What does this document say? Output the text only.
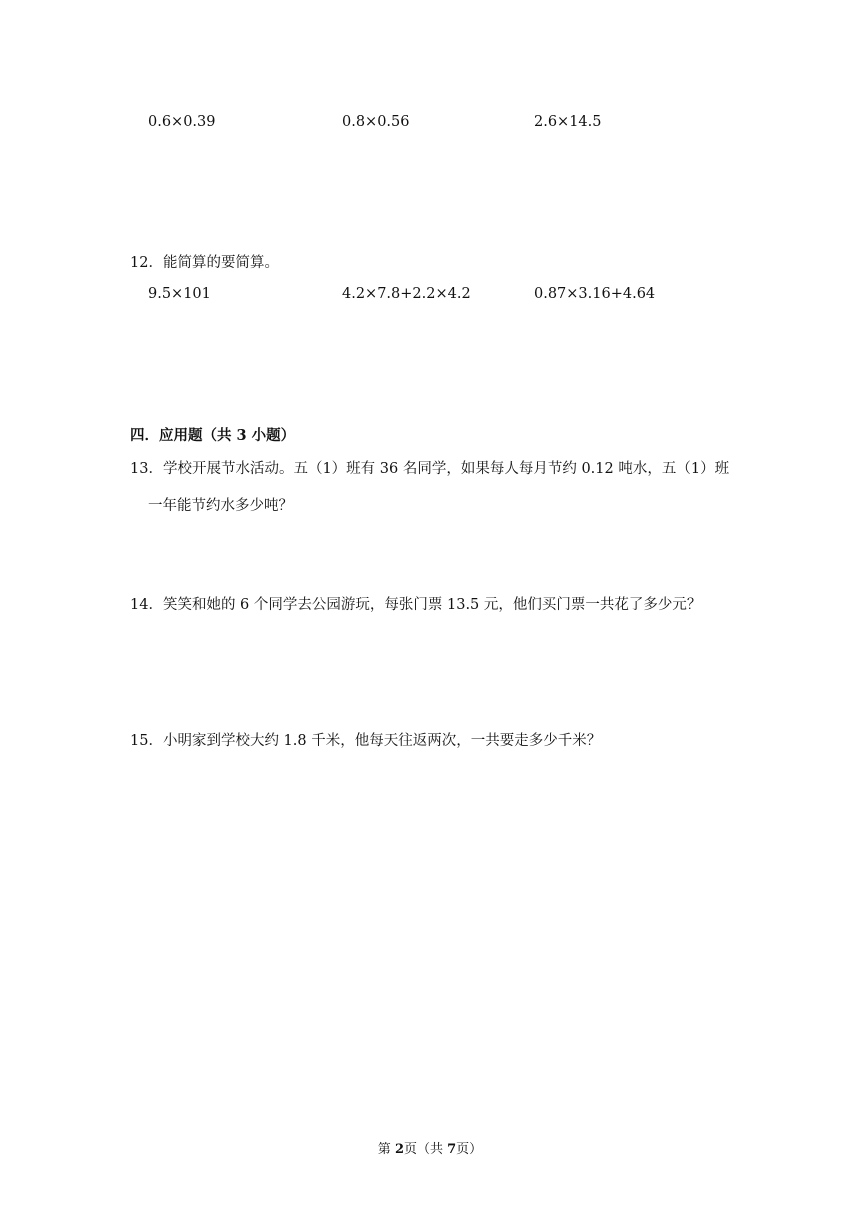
0.6×0.39	0.8×0.56	2.6×14.5
12．能简算的要简算。
9.5×101	4.2×7.8+2.2×4.2	0.87×3.16+4.64
四．应用题（共 3 小题）
13．学校开展节水活动。五（1）班有 36 名同学，如果每人每月节约 0.12 吨水，五（1）班
一年能节约水多少吨？
14．笑笑和她的 6 个同学去公园游玩，每张门票 13.5 元，他们买门票一共花了多少元？
15．小明家到学校大约 1.8 千米，他每天往返两次，一共要走多少千米？
第 2页（共 7页）
